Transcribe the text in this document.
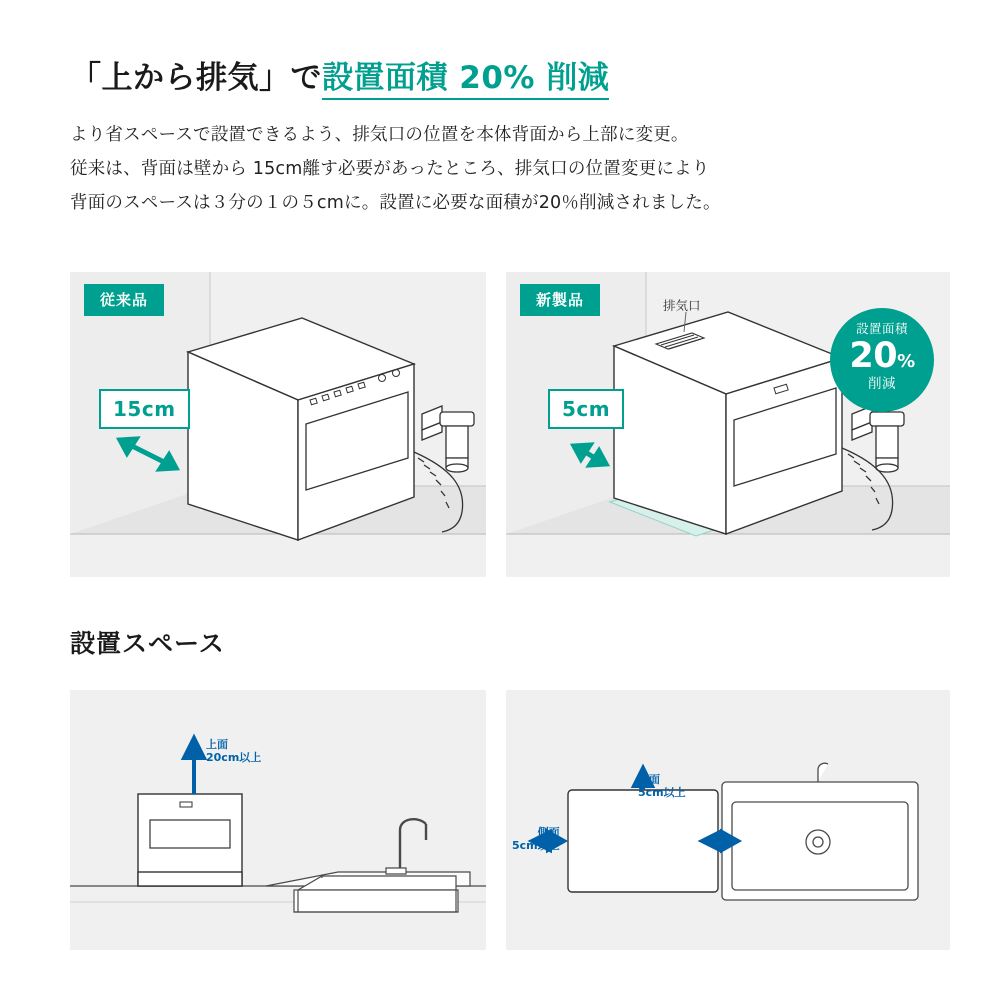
「上から排気」で設置面積 20% 削減
より省スペースで設置できるよう、排気口の位置を本体背面から上部に変更。
従来は、背面は壁から 15cm離す必要があったところ、排気口の位置変更により
背面のスペースは３分の１の５cmに。設置に必要な面積が20％削減されました。
従来品
15cm
新製品
5cm
排気口
設置面積
20%
削減
設置スペース
上面
20cm以上
後面
5cm以上
側面
5cm以上
